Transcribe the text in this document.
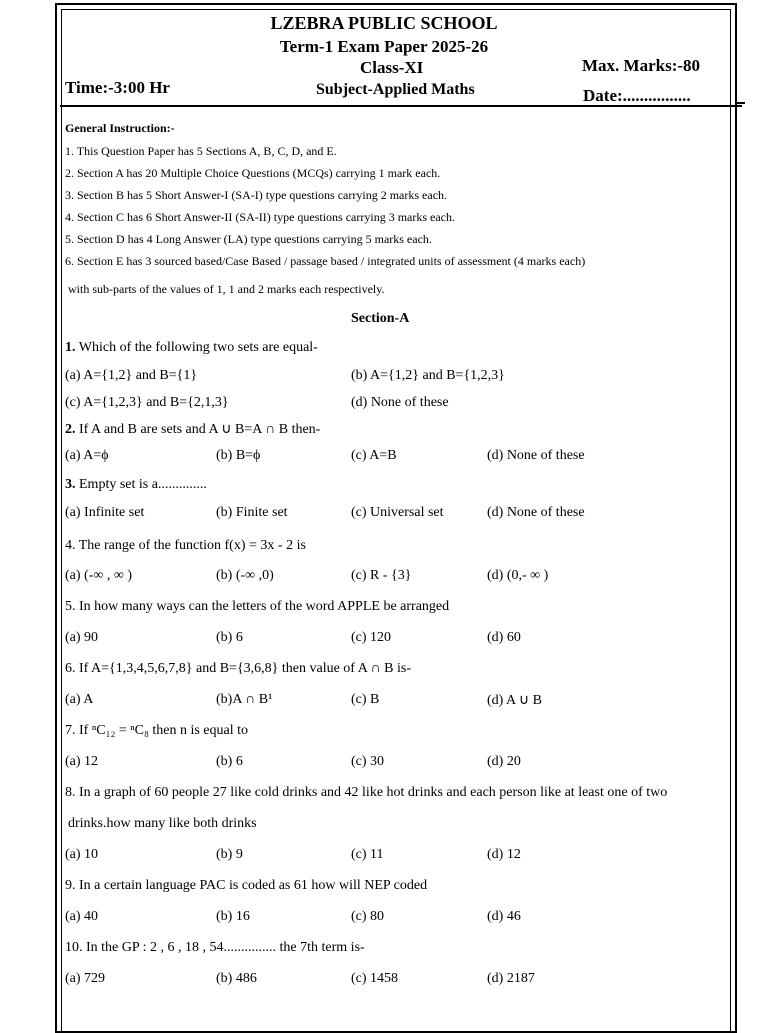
LZEBRA PUBLIC SCHOOL
Term-1 Exam Paper 2025-26
Class-XI	Max. Marks:-80
Time:-3:00 Hr	Subject-Applied Maths	Date:................
General Instruction:-
1. This Question Paper has 5 Sections A, B, C, D, and E.
2. Section A has 20 Multiple Choice Questions (MCQs) carrying 1 mark each.
3. Section B has 5 Short Answer-I (SA-I) type questions carrying 2 marks each.
4. Section C has 6 Short Answer-II (SA-II) type questions carrying 3 marks each.
5. Section D has 4 Long Answer (LA) type questions carrying 5 marks each.
6. Section E has 3 sourced based/Case Based / passage based / integrated units of assessment (4 marks each)
with sub-parts of the values of 1, 1 and 2 marks each respectively.
Section-A
1. Which of the following two sets are equal-
(a) A={1,2} and B={1}	(b) A={1,2} and B={1,2,3}
(c) A={1,2,3} and B={2,1,3}	(d) None of these
2. If A and B are sets and A ∪ B=A ∩ B then-
(a) A=ϕ	(b) B=ϕ	(c) A=B	(d) None of these
3. Empty set is a..............
(a) Infinite set	(b) Finite set	(c) Universal set	(d) None of these
4. The range of the function f(x) = 3x - 2 is
(a) (-∞ , ∞ )	(b) (-∞ ,0)	(c) R - {3}	(d) (0,- ∞ )
5. In how many ways can the letters of the word APPLE be arranged
(a) 90	(b) 6	(c) 120	(d) 60
6. If A={1,3,4,5,6,7,8} and B={3,6,8} then value of A ∩ B is-
(a) A	(b)A ∩ B¹	(c) B	(d) A ∪ B
7. If ⁿC₁₂ = ⁿC₈ then n is equal to
(a) 12	(b) 6	(c) 30	(d) 20
8. In a graph of 60 people 27 like cold drinks and 42 like hot drinks and each person like at least one of two
drinks.how many like both drinks
(a) 10	(b) 9	(c) 11	(d) 12
9. In a certain language PAC is coded as 61 how will NEP coded
(a) 40	(b) 16	(c) 80	(d) 46
10. In the GP : 2 , 6 , 18 , 54............... the 7th term is-
(a) 729	(b) 486	(c) 1458	(d) 2187
